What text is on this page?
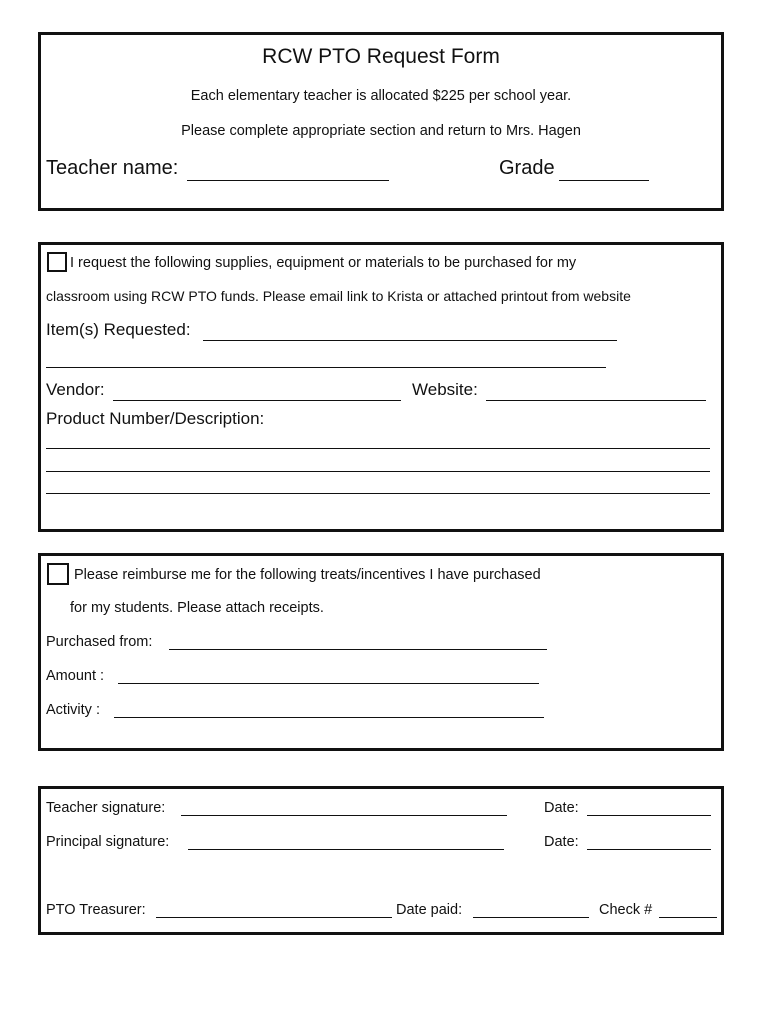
RCW PTO Request Form
Each elementary teacher is allocated $225 per school year.
Please complete appropriate section and return to Mrs. Hagen
Teacher name:	Grade
I request the following supplies, equipment or materials to be purchased for my
classroom using RCW PTO funds. Please email link to Krista or attached printout from website
Item(s) Requested:
Vendor:	Website:
Product Number/Description:
Please reimburse me for the following treats/incentives I have purchased
for my students. Please attach receipts.
Purchased from:
Amount :
Activity :
Teacher signature:	Date:
Principal signature:	Date:
PTO Treasurer:	Date paid:	Check #
